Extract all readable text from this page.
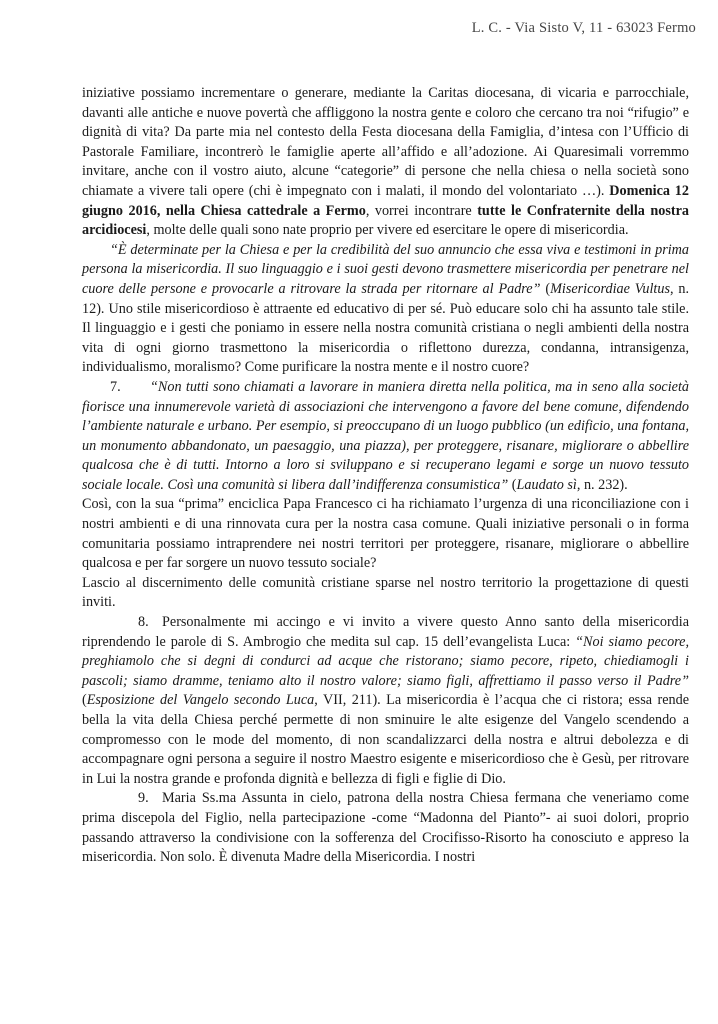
L. C. - Via Sisto V, 11 - 63023 Fermo

iniziative possiamo incrementare o generare, mediante la Caritas diocesana, di vicaria e parrocchiale, davanti alle antiche e nuove povertà che affliggono la nostra gente e coloro che cercano tra noi “rifugio” e dignità di vita? Da parte mia nel contesto della Festa diocesana della Famiglia, d’intesa con l’Ufficio di Pastorale Familiare, incontrerò le famiglie aperte all’affido e all’adozione. Ai Quaresimali vorremmo invitare, anche con il vostro aiuto, alcune “categorie” di persone che nella chiesa o nella società sono chiamate a vivere tali opere (chi è impegnato con i malati, il mondo del volontariato …). Domenica 12 giugno 2016, nella Chiesa cattedrale a Fermo, vorrei incontrare tutte le Confraternite della nostra arcidiocesi, molte delle quali sono nate proprio per vivere ed esercitare le opere di misericordia.

“È determinate per la Chiesa e per la credibilità del suo annuncio che essa viva e testimoni in prima persona la misericordia. Il suo linguaggio e i suoi gesti devono trasmettere misericordia per penetrare nel cuore delle persone e provocarle a ritrovare la strada per ritornare al Padre” (Misericordiae Vultus, n. 12). Uno stile misericordioso è attraente ed educativo di per sé. Può educare solo chi ha assunto tale stile. Il linguaggio e i gesti che poniamo in essere nella nostra comunità cristiana o negli ambienti della nostra vita di ogni giorno trasmettono la misericordia o riflettono durezza, condanna, intransigenza, individualismo, moralismo? Come purificare la nostra mente e il nostro cuore?

7. “Non tutti sono chiamati a lavorare in maniera diretta nella politica, ma in seno alla società fiorisce una innumerevole varietà di associazioni che intervengono a favore del bene comune, difendendo l’ambiente naturale e urbano. Per esempio, si preoccupano di un luogo pubblico (un edificio, una fontana, un monumento abbandonato, un paesaggio, una piazza), per proteggere, risanare, migliorare o abbellire qualcosa che è di tutti. Intorno a loro si sviluppano e si recuperano legami e sorge un nuovo tessuto sociale locale. Così una comunità si libera dall’indifferenza consumistica” (Laudato sì, n. 232).

Così, con la sua “prima” enciclica Papa Francesco ci ha richiamato l’urgenza di una riconciliazione con i nostri ambienti e di una rinnovata cura per la nostra casa comune. Quali iniziative personali o in forma comunitaria possiamo intraprendere nei nostri territori per proteggere, risanare, migliorare o abbellire qualcosa e per far sorgere un nuovo tessuto sociale?

Lascio al discernimento delle comunità cristiane sparse nel nostro territorio la progettazione di questi inviti.

8. Personalmente mi accingo e vi invito a vivere questo Anno santo della misericordia riprendendo le parole di S. Ambrogio che medita sul cap. 15 dell’evangelista Luca: “Noi siamo pecore, preghiamolo che si degni di condurci ad acque che ristorano; siamo pecore, ripeto, chiediamogli i pascoli; siamo dramme, teniamo alto il nostro valore; siamo figli, affrettiamo il passo verso il Padre” (Esposizione del Vangelo secondo Luca, VII, 211). La misericordia è l’acqua che ci ristora; essa rende bella la vita della Chiesa perché permette di non sminuire le alte esigenze del Vangelo scendendo a compromesso con le mode del momento, di non scandalizzarci della nostra e altrui debolezza e di accompagnare ogni persona a seguire il nostro Maestro esigente e misericordioso che è Gesù, per ritrovare in Lui la nostra grande e profonda dignità e bellezza di figli e figlie di Dio.

9. Maria Ss.ma Assunta in cielo, patrona della nostra Chiesa fermana che veneriamo come prima discepola del Figlio, nella partecipazione -come “Madonna del Pianto”- ai suoi dolori, proprio passando attraverso la condivisione con la sofferenza del Crocifisso-Risorto ha conosciuto e appreso la misericordia. Non solo. È divenuta Madre della Misericordia. I nostri
